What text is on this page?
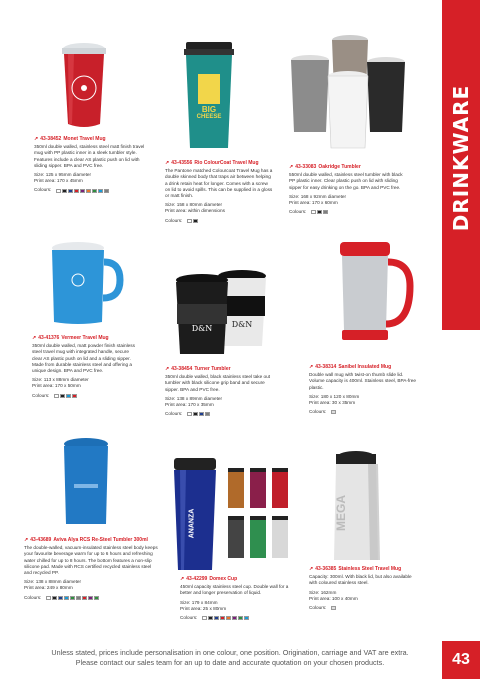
DRINKWARE
43
BIG
CHEESE
D&N	D&N
ANANZA	MEGA
↗ 43-38452 Monet Travel Mug

350ml double walled, stainless steel matt finish travel mug with PP plastic inner in a sleek tumbler style. Features include a clear AS plastic push on lid with sliding sipper. BPA and PVC free.

Size: 125 x 95mm diameter

Print area: 170 x 45mm

Colours:
↗ 43-43556 Rio ColourCoat Travel Mug

The Pantone matched Colourcoat Travel Mug has a double skinned body that traps air between helping a drink retain heat for longer. Comes with a screw on lid to avoid spills. This can be supplied in a gloss or matt finish.

Size: 158 x 80mm diameter

Print area: within dimensions

Colours:
↗ 43-33083 Oakridge Tumbler

550ml double walled, stainless steel tumbler with black PP plastic inner. Clear plastic push on lid with sliding sipper for easy drinking on the go. BPA and PVC free.

Size: 168 x 92mm diameter

Print area: 170 x 60mm

Colours:
↗ 43-41376 Vermeer Travel Mug

350ml double walled, matt powder finish stainless steel travel mug with integrated handle, secure clear AS plastic push on lid and a sliding sipper. Made from durable stainless steel and offering a unique design. BPA and PVC free.

Size: 113 x 88mm diameter

Print area: 170 x 50mm

Colours:
↗ 43-38454 Turner Tumbler

350ml double walled, black stainless steel take out tumbler with black silicone grip band and secure sipper. BPA and PVC free.

Size: 138 x 89mm diameter

Print area: 170 x 35mm

Colours:
↗ 43-38314 Sanibel Insulated Mug

Double wall mug with twist-on thumb slide lid. Volume capacity is 400ml. Stainless steel, BPA-free plastic.

Size: 180 x 120 x 80mm

Print area: 30 x 35mm

Colours:
↗ 43-43689 Aviva Alya RCS Re-Steel Tumbler 300ml

The double-walled, vacuum-insulated stainless steel body keeps your favourite beverage warm for up to 6 hours and refreshing water chilled for up to 8 hours. The bottom features a non-slip silicone pad. Made with RCS certified recycled stainless steel and recycled PP.

Size: 138 x 88mm diameter

Print area: 249 x 80mm

Colours:
↗ 43-42299 Domex Cup

450ml capacity stainless steel cup. Double wall for a better and longer preservation of liquid.

Size: 179 x 84mm

Print area: 25 x 80mm

Colours:
↗ 43-36385 Stainless Steel Travel Mug

Capacity: 300ml. With black lid, but also available with coloured stainless steel.

Size: 162mm

Print area: 100 x 40mm

Colours:
Unless stated, prices include personalisation in one colour, one position. Origination, carriage and VAT are extra.
Please contact our sales team for an up to date and accurate quotation on your chosen products.
